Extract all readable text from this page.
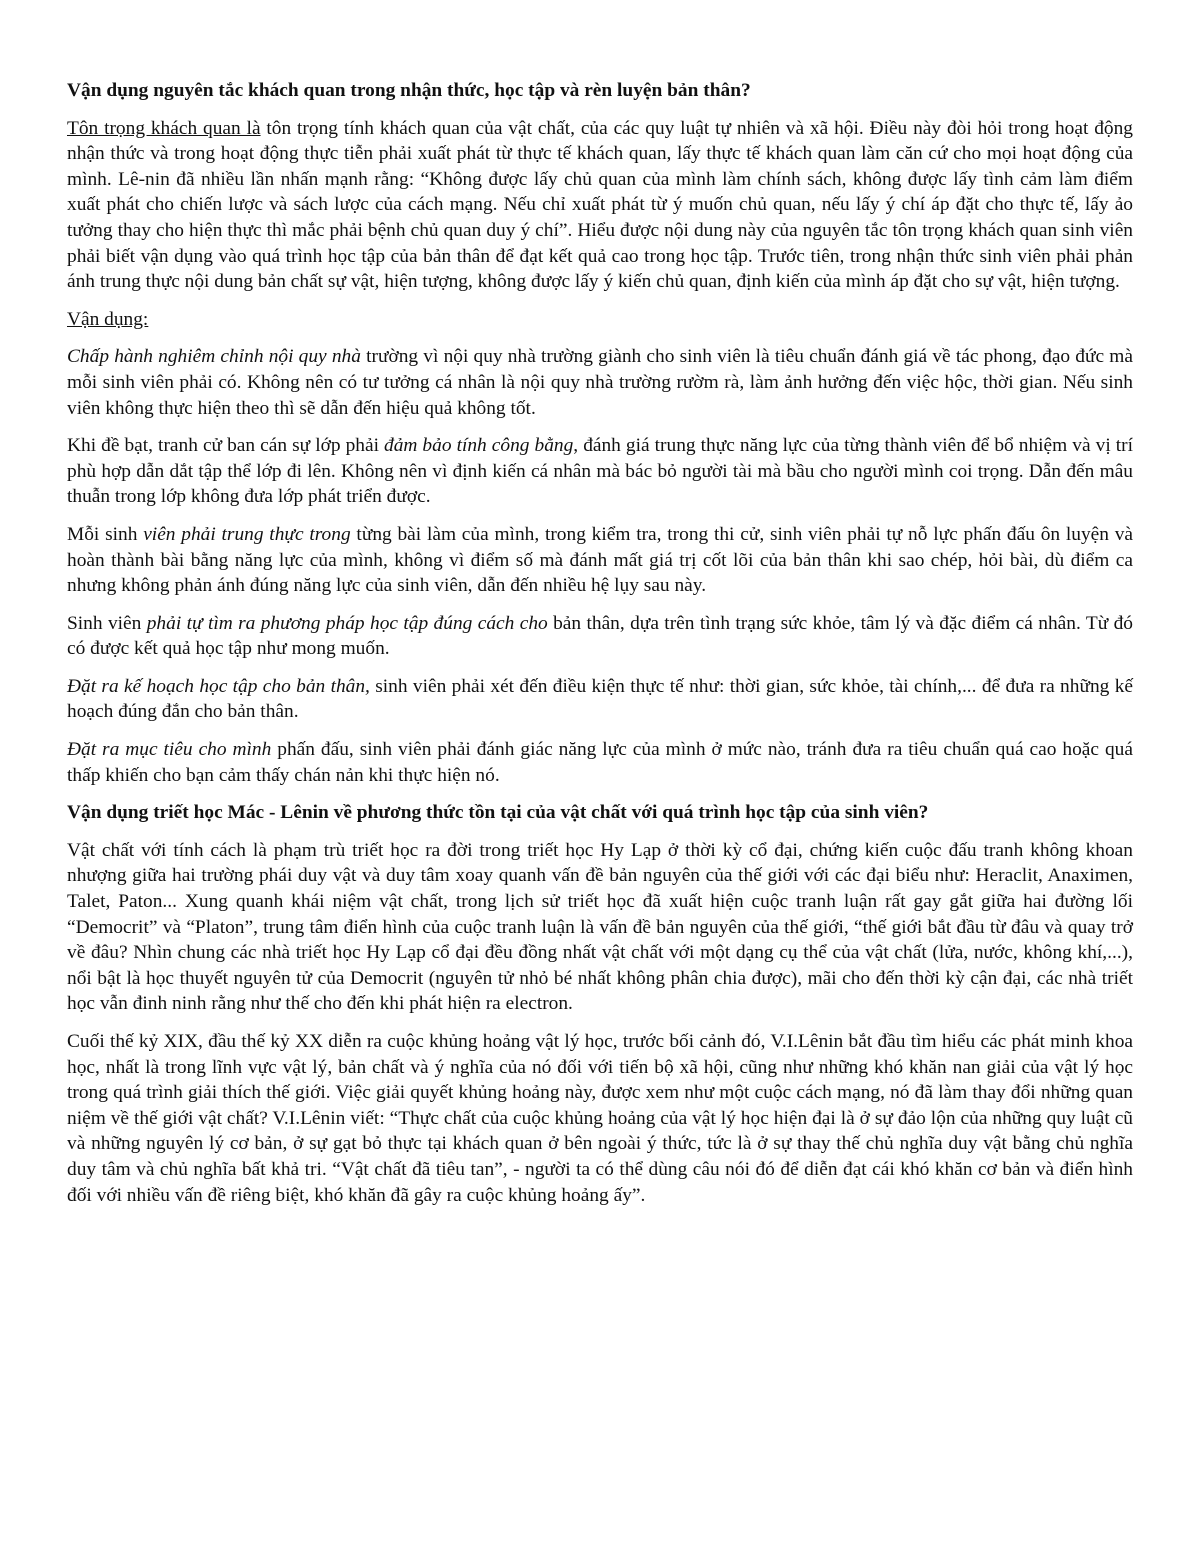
Vận dụng nguyên tắc khách quan trong nhận thức, học tập và rèn luyện bản thân?

Tôn trọng khách quan là tôn trọng tính khách quan của vật chất, của các quy luật tự nhiên và xã hội. Điều này đòi hỏi trong hoạt động nhận thức và trong hoạt động thực tiễn phải xuất phát từ thực tế khách quan, lấy thực tế khách quan làm căn cứ cho mọi hoạt động của mình. Lê-nin đã nhiều lần nhấn mạnh rằng: “Không được lấy chủ quan của mình làm chính sách, không được lấy tình cảm làm điểm xuất phát cho chiến lược và sách lược của cách mạng. Nếu chỉ xuất phát từ ý muốn chủ quan, nếu lấy ý chí áp đặt cho thực tế, lấy ảo tưởng thay cho hiện thực thì mắc phải bệnh chủ quan duy ý chí”. Hiểu được nội dung này của nguyên tắc tôn trọng khách quan sinh viên phải biết vận dụng vào quá trình học tập của bản thân để đạt kết quả cao trong học tập. Trước tiên, trong nhận thức sinh viên phải phản ánh trung thực nội dung bản chất sự vật, hiện tượng, không được lấy ý kiến chủ quan, định kiến của mình áp đặt cho sự vật, hiện tượng.

Vận dụng:

Chấp hành nghiêm chỉnh nội quy nhà trường vì nội quy nhà trường giành cho sinh viên là tiêu chuẩn đánh giá về tác phong, đạo đức mà mỗi sinh viên phải có. Không nên có tư tưởng cá nhân là nội quy nhà trường rườm rà, làm ảnh hưởng đến việc hộc, thời gian. Nếu sinh viên không thực hiện theo thì sẽ dẫn đến hiệu quả không tốt.

Khi đề bạt, tranh cử ban cán sự lớp phải đảm bảo tính công bằng, đánh giá trung thực năng lực của từng thành viên để bổ nhiệm và vị trí phù hợp dẫn dắt tập thể lớp đi lên. Không nên vì định kiến cá nhân mà bác bỏ người tài mà bầu cho người mình coi trọng. Dẫn đến mâu thuẫn trong lớp không đưa lớp phát triển được.

Mỗi sinh viên phải trung thực trong từng bài làm của mình, trong kiểm tra, trong thi cử, sinh viên phải tự nỗ lực phấn đấu ôn luyện và hoàn thành bài bằng năng lực của mình, không vì điểm số mà đánh mất giá trị cốt lõi của bản thân khi sao chép, hỏi bài, dù điểm ca nhưng không phản ánh đúng năng lực của sinh viên, dẫn đến nhiều hệ lụy sau này.

Sinh viên phải tự tìm ra phương pháp học tập đúng cách cho bản thân, dựa trên tình trạng sức khỏe, tâm lý và đặc điểm cá nhân. Từ đó có được kết quả học tập như mong muốn.

Đặt ra kế hoạch học tập cho bản thân, sinh viên phải xét đến điều kiện thực tế như: thời gian, sức khỏe, tài chính,... để đưa ra những kế hoạch đúng đắn cho bản thân.

Đặt ra mục tiêu cho mình phấn đấu, sinh viên phải đánh giác năng lực của mình ở mức nào, tránh đưa ra tiêu chuẩn quá cao hoặc quá thấp khiến cho bạn cảm thấy chán nản khi thực hiện nó.

Vận dụng triết học Mác - Lênin về phương thức tồn tại của vật chất với quá trình học tập của sinh viên?

Vật chất với tính cách là phạm trù triết học ra đời trong triết học Hy Lạp ở thời kỳ cổ đại, chứng kiến cuộc đấu tranh không khoan nhượng giữa hai trường phái duy vật và duy tâm xoay quanh vấn đề bản nguyên của thế giới với các đại biểu như: Heraclit, Anaximen, Talet, Paton... Xung quanh khái niệm vật chất, trong lịch sử triết học đã xuất hiện cuộc tranh luận rất gay gắt giữa hai đường lối “Democrit” và “Platon”, trung tâm điển hình của cuộc tranh luận là vấn đề bản nguyên của thế giới, “thế giới bắt đầu từ đâu và quay trở về đâu? Nhìn chung các nhà triết học Hy Lạp cổ đại đều đồng nhất vật chất với một dạng cụ thể của vật chất (lửa, nước, không khí,...), nổi bật là học thuyết nguyên tử của Democrit (nguyên tử nhỏ bé nhất không phân chia được), mãi cho đến thời kỳ cận đại, các nhà triết học vẫn đinh ninh rằng như thế cho đến khi phát hiện ra electron.

Cuối thế kỷ XIX, đầu thế kỷ XX diễn ra cuộc khủng hoảng vật lý học, trước bối cảnh đó, V.I.Lênin bắt đầu tìm hiểu các phát minh khoa học, nhất là trong lĩnh vực vật lý, bản chất và ý nghĩa của nó đối với tiến bộ xã hội, cũng như những khó khăn nan giải của vật lý học trong quá trình giải thích thế giới. Việc giải quyết khủng hoảng này, được xem như một cuộc cách mạng, nó đã làm thay đổi những quan niệm về thế giới vật chất? V.I.Lênin viết: “Thực chất của cuộc khủng hoảng của vật lý học hiện đại là ở sự đảo lộn của những quy luật cũ và những nguyên lý cơ bản, ở sự gạt bỏ thực tại khách quan ở bên ngoài ý thức, tức là ở sự thay thế chủ nghĩa duy vật bằng chủ nghĩa duy tâm và chủ nghĩa bất khả tri. “Vật chất đã tiêu tan”, - người ta có thể dùng câu nói đó để diễn đạt cái khó khăn cơ bản và điển hình đối với nhiều vấn đề riêng biệt, khó khăn đã gây ra cuộc khủng hoảng ấy”.
